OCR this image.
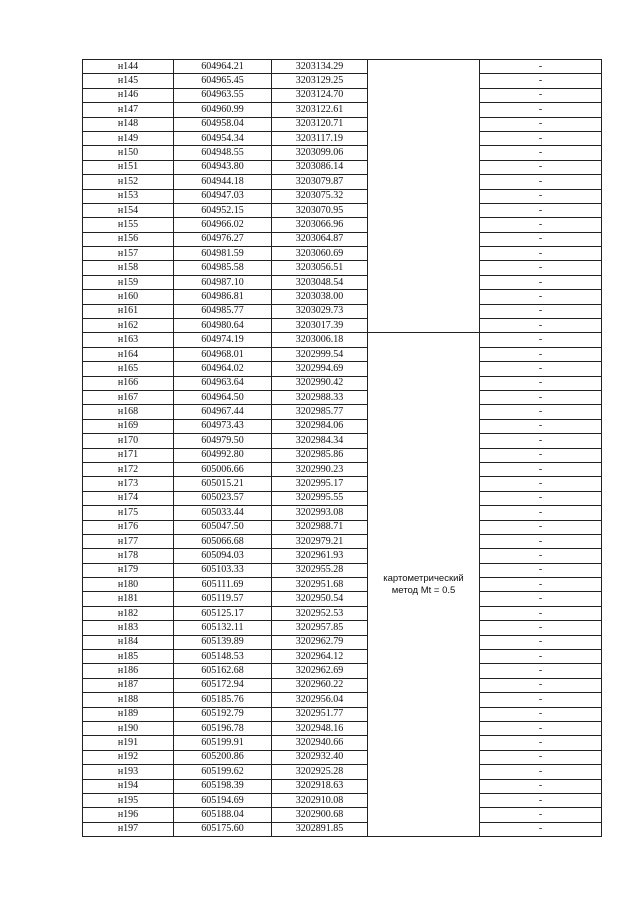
н144	604964.21	3203134.29		-
н145	604965.45	3203129.25		-
н146	604963.55	3203124.70		-
н147	604960.99	3203122.61		-
н148	604958.04	3203120.71		-
н149	604954.34	3203117.19		-
н150	604948.55	3203099.06		-
н151	604943.80	3203086.14		-
н152	604944.18	3203079.87		-
н153	604947.03	3203075.32		-
н154	604952.15	3203070.95		-
н155	604966.02	3203066.96		-
н156	604976.27	3203064.87		-
н157	604981.59	3203060.69		-
н158	604985.58	3203056.51		-
н159	604987.10	3203048.54		-
н160	604986.81	3203038.00		-
н161	604985.77	3203029.73		-
н162	604980.64	3203017.39		-
н163	604974.19	3203006.18	картометрический метод Mt = 0.5	-
н164	604968.01	3202999.54		-
н165	604964.02	3202994.69		-
н166	604963.64	3202990.42		-
н167	604964.50	3202988.33		-
н168	604967.44	3202985.77		-
н169	604973.43	3202984.06		-
н170	604979.50	3202984.34		-
н171	604992.80	3202985.86		-
н172	605006.66	3202990.23		-
н173	605015.21	3202995.17		-
н174	605023.57	3202995.55		-
н175	605033.44	3202993.08		-
н176	605047.50	3202988.71		-
н177	605066.68	3202979.21		-
н178	605094.03	3202961.93		-
н179	605103.33	3202955.28		-
н180	605111.69	3202951.68		-
н181	605119.57	3202950.54		-
н182	605125.17	3202952.53		-
н183	605132.11	3202957.85		-
н184	605139.89	3202962.79		-
н185	605148.53	3202964.12		-
н186	605162.68	3202962.69		-
н187	605172.94	3202960.22		-
н188	605185.76	3202956.04		-
н189	605192.79	3202951.77		-
н190	605196.78	3202948.16		-
н191	605199.91	3202940.66		-
н192	605200.86	3202932.40		-
н193	605199.62	3202925.28		-
н194	605198.39	3202918.63		-
н195	605194.69	3202910.08		-
н196	605188.04	3202900.68		-
н197	605175.60	3202891.85		-
